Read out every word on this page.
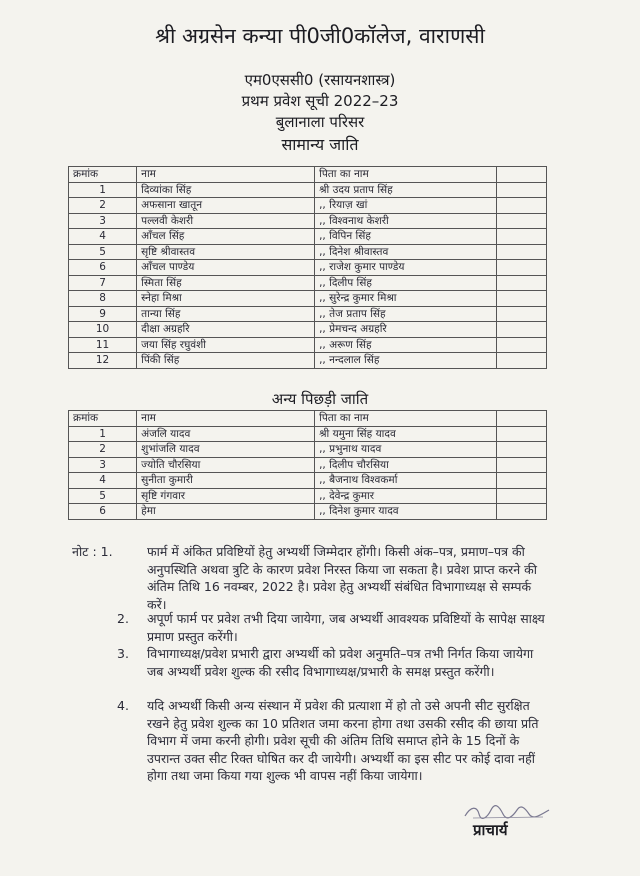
श्री अग्रसेन कन्या पी0जी0कॉलेज, वाराणसी
एम0एससी0 (रसायनशास्त्र)
प्रथम प्रवेश सूची 2022–23
बुलानाला परिसर
सामान्य जाति
क्रमांक	नाम	पिता का नाम	
1	दिव्यांका सिंह	श्री उदय प्रताप सिंह	
2	अफसाना खातून	,, रियाज़ खां	
3	पल्लवी केशरी	,, विश्वनाथ केशरी	
4	आँचल सिंह	,, विपिन सिंह	
5	सृष्टि श्रीवास्तव	,, दिनेश श्रीवास्तव	
6	आँचल पाण्डेय	,, राजेश कुमार पाण्डेय	
7	स्मिता सिंह	,, दिलीप सिंह	
8	स्नेहा मिश्रा	,, सुरेन्द्र कुमार मिश्रा	
9	तान्या सिंह	,, तेज प्रताप सिंह	
10	दीक्षा अग्रहरि	,, प्रेमचन्द अग्रहरि	
11	जया सिंह रघुवंशी	,, अरूण सिंह	
12	पिंकी सिंह	,, नन्दलाल सिंह	
अन्य पिछड़ी जाति
क्रमांक	नाम	पिता का नाम	
1	अंजलि यादव	श्री यमुना सिंह यादव	
2	शुभांजलि यादव	,, प्रभुनाथ यादव	
3	ज्योति चौरसिया	,, दिलीप चौरसिया	
4	सुनीता कुमारी	,, बैजनाथ विश्वकर्मा	
5	सृष्टि गंगवार	,, देवेन्द्र कुमार	
6	हेमा	,, दिनेश कुमार यादव	
नोट : 1.	फार्म में अंकित प्रविष्टियों हेतु अभ्यर्थी जिम्मेदार होंगी। किसी अंक–पत्र, प्रमाण–पत्र की अनुपस्थिति अथवा त्रुटि के कारण प्रवेश निरस्त किया जा सकता है। प्रवेश प्राप्त करने की अंतिम तिथि 16 नवम्बर, 2022 है। प्रवेश हेतु अभ्यर्थी संबंधित विभागाध्यक्ष से सम्पर्क करें।
2. अपूर्ण फार्म पर प्रवेश तभी दिया जायेगा, जब अभ्यर्थी आवश्यक प्रविष्टियों के सापेक्ष साक्ष्य प्रमाण प्रस्तुत करेंगी।
3. विभागाध्यक्ष/प्रवेश प्रभारी द्वारा अभ्यर्थी को प्रवेश अनुमति–पत्र तभी निर्गत किया जायेगा जब अभ्यर्थी प्रवेश शुल्क की रसीद विभागाध्यक्ष/प्रभारी के समक्ष प्रस्तुत करेंगी।
4. यदि अभ्यर्थी किसी अन्य संस्थान में प्रवेश की प्रत्याशा में हो तो उसे अपनी सीट सुरक्षित रखने हेतु प्रवेश शुल्क का 10 प्रतिशत जमा करना होगा तथा उसकी रसीद की छाया प्रति विभाग में जमा करनी होगी। प्रवेश सूची की अंतिम तिथि समाप्त होने के 15 दिनों के उपरान्त उक्त सीट रिक्त घोषित कर दी जायेगी। अभ्यर्थी का इस सीट पर कोई दावा नहीं होगा तथा जमा किया गया शुल्क भी वापस नहीं किया जायेगा।
प्राचार्य
